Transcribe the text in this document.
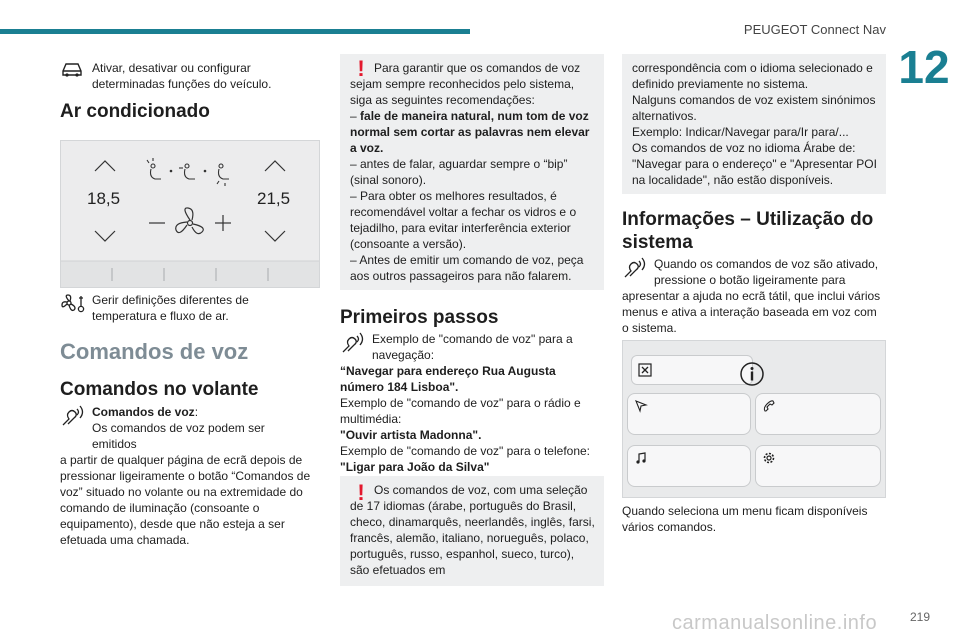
PEUGEOT Connect Nav
12

Ativar, desativar ou configurar determinadas funções do veículo.

Ar condicionado
18,5	21,5

Gerir definições diferentes de temperatura e fluxo de ar.

Comandos de voz
Comandos no volante

Comandos de voz:
Os comandos de voz podem ser emitidos

a partir de qualquer página de ecrã depois de pressionar ligeiramente o botão “Comandos de voz” situado no volante ou na extremidade do comando de iluminação (consoante o equipamento), desde que não esteja a ser efetuada uma chamada.

! Para garantir que os comandos de voz sejam sempre reconhecidos pelo sistema, siga as seguintes recomendações:

– fale de maneira natural, num tom de voz normal sem cortar as palavras nem elevar a voz.

– antes de falar, aguardar sempre o “bip” (sinal sonoro).

– Para obter os melhores resultados, é recomendável voltar a fechar os vidros e o tejadilho, para evitar interferência exterior (consoante a versão).

– Antes de emitir um comando de voz, peça aos outros passageiros para não falarem.

Primeiros passos

Exemplo de "comando de voz" para a navegação:

“Navegar para endereço Rua Augusta número 184 Lisboa".

Exemplo de "comando de voz" para o rádio e multimédia:

"Ouvir artista Madonna".

Exemplo de "comando de voz" para o telefone:

"Ligar para João da Silva"

! Os comandos de voz, com uma seleção de 17 idiomas (árabe, português do Brasil, checo, dinamarquês, neerlandês, inglês, farsi, francês, alemão, italiano, norueguês, polaco, português, russo, espanhol, sueco, turco), são efetuados em

correspondência com o idioma selecionado e definido previamente no sistema.
Nalguns comandos de voz existem sinónimos alternativos.
Exemplo: Indicar/Navegar para/Ir para/...
Os comandos de voz no idioma Árabe de: "Navegar para o endereço" e "Apresentar POI na localidade", não estão disponíveis.

Informações – Utilização do sistema

Quando os comandos de voz são ativado, pressione o botão ligeiramente para

apresentar a ajuda no ecrã tátil, que inclui vários menus e ativa a interação baseada em voz com o sistema.

Quando seleciona um menu ficam disponíveis vários comandos.

219
carmanualsonline.info
